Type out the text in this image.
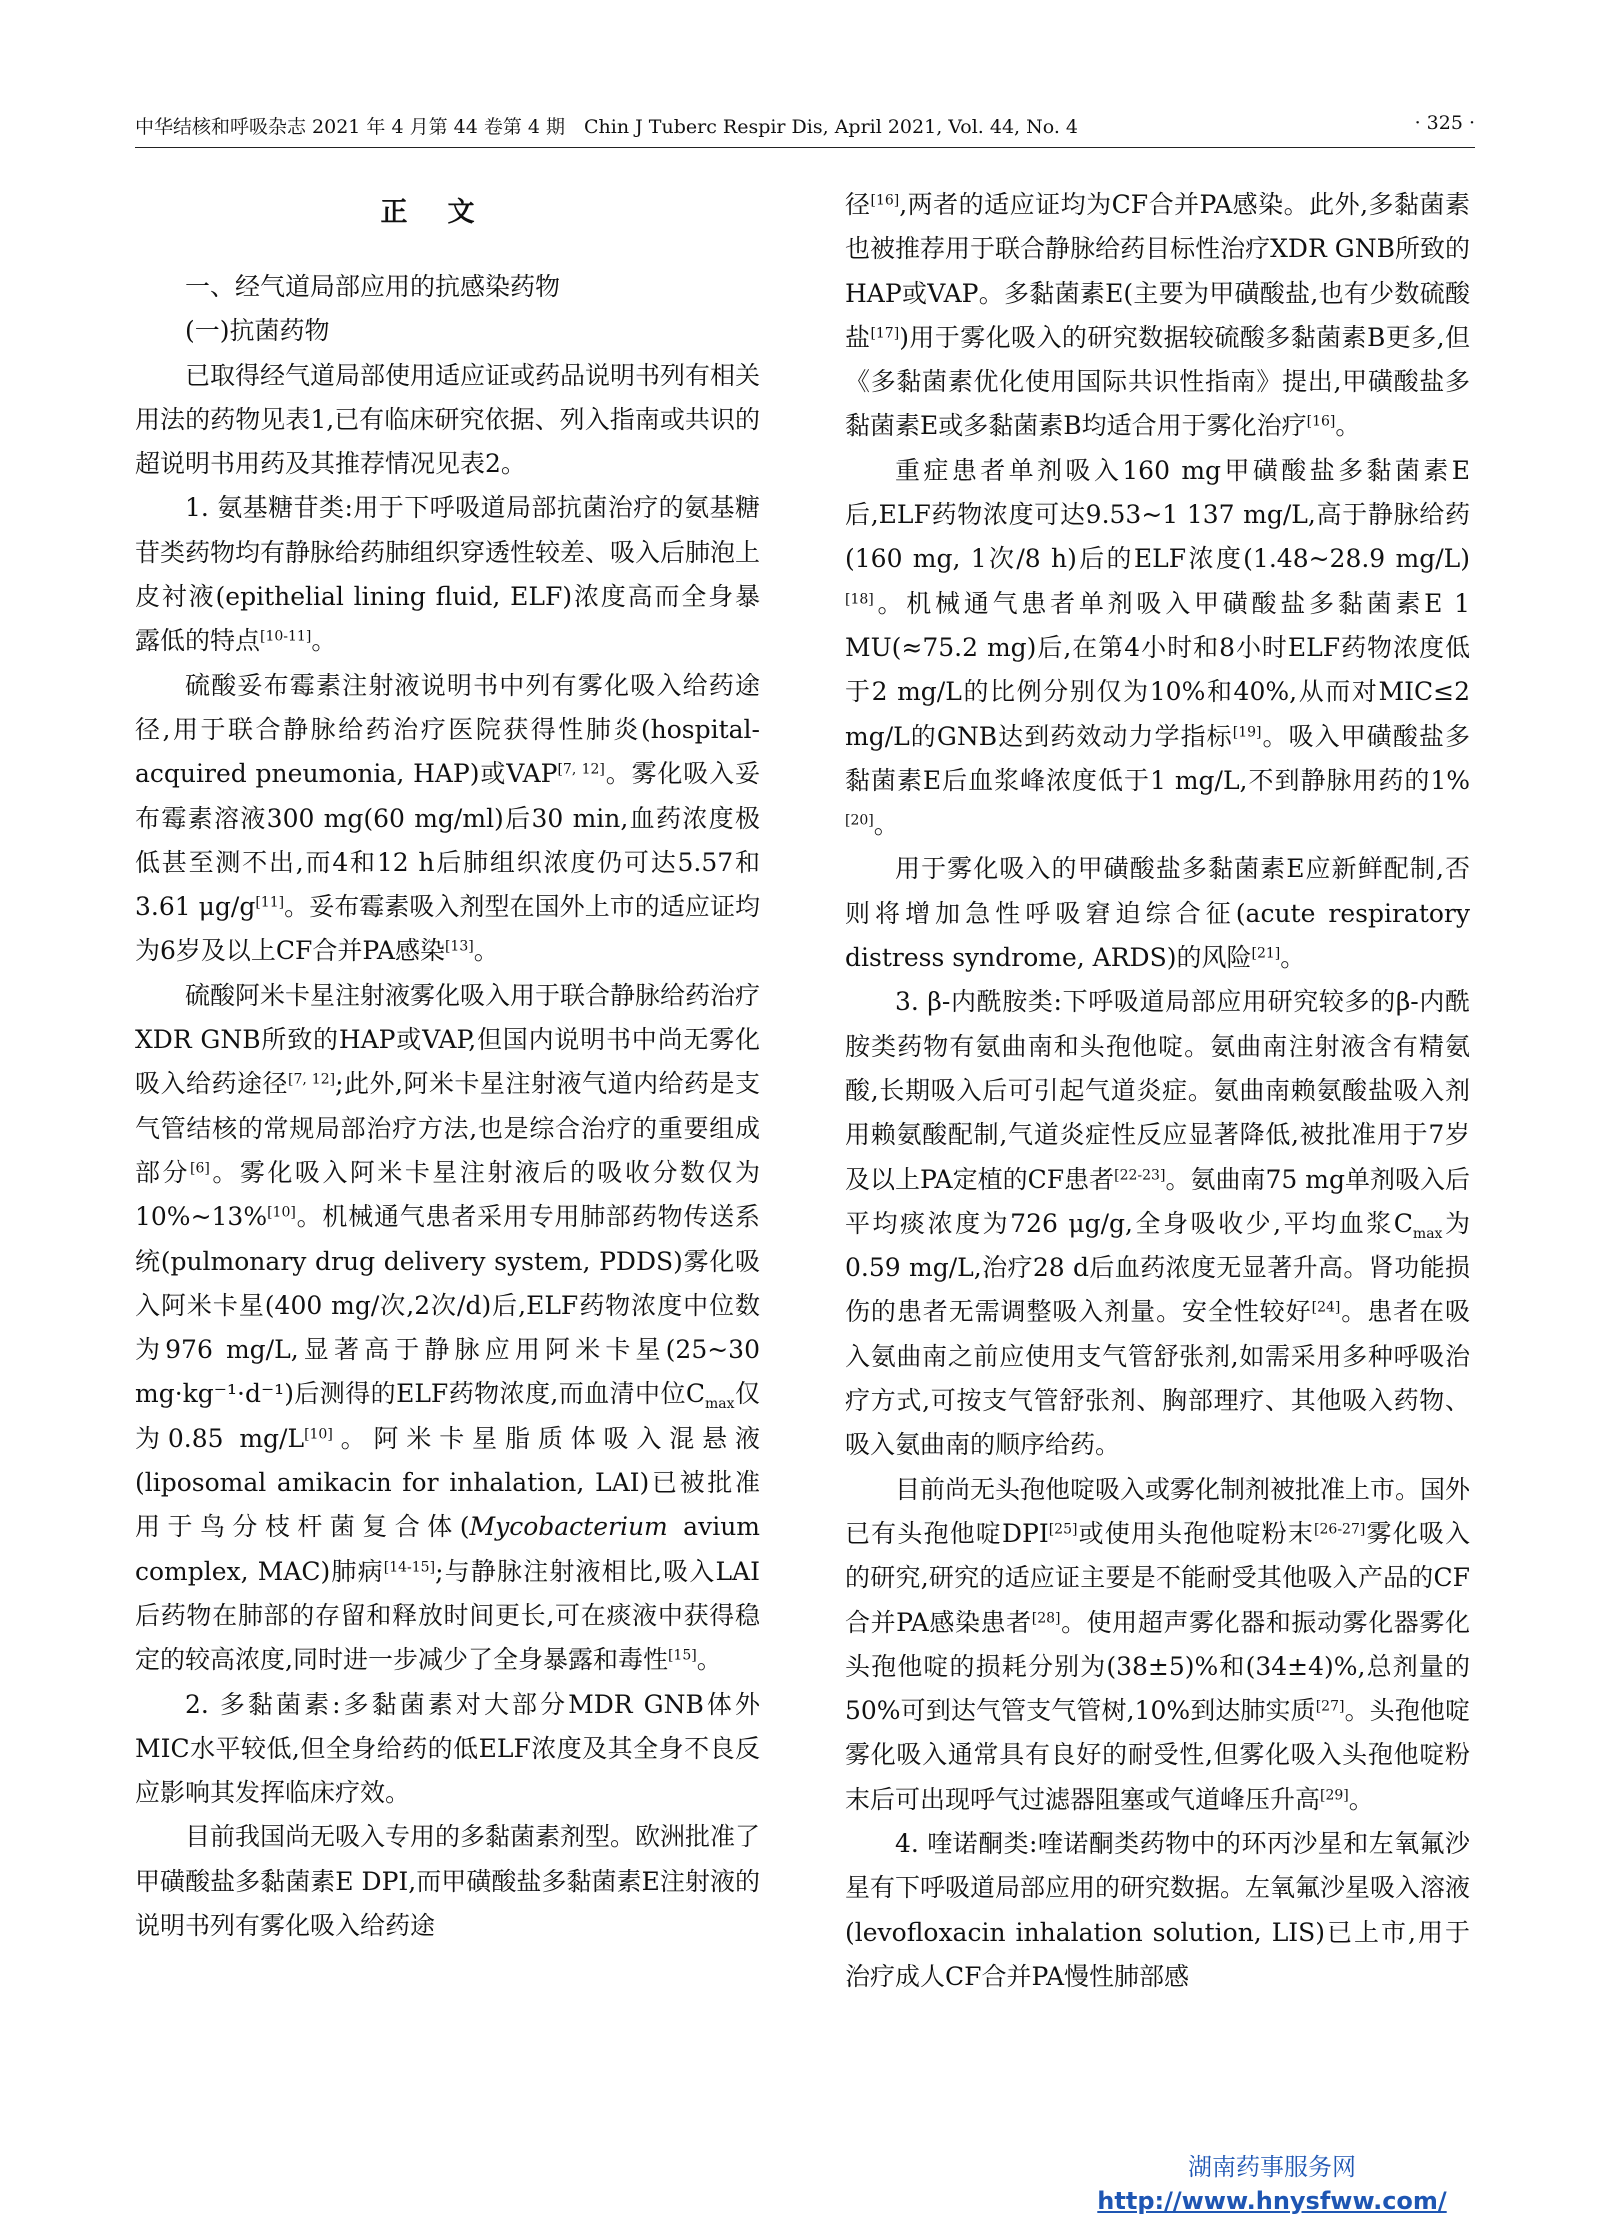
中华结核和呼吸杂志 2021 年 4 月第 44 卷第 4 期　Chin J Tuberc Respir Dis, April 2021, Vol. 44, No. 4	· 325 ·
正文
一、经气道局部应用的抗感染药物
(一)抗菌药物

已取得经气道局部使用适应证或药品说明书列有相关用法的药物见表1,已有临床研究依据、列入指南或共识的超说明书用药及其推荐情况见表2。

1. 氨基糖苷类:用于下呼吸道局部抗菌治疗的氨基糖苷类药物均有静脉给药肺组织穿透性较差、吸入后肺泡上皮衬液(epithelial lining fluid, ELF)浓度高而全身暴露低的特点[10-11]。

硫酸妥布霉素注射液说明书中列有雾化吸入给药途径,用于联合静脉给药治疗医院获得性肺炎(hospital-acquired pneumonia, HAP)或VAP[7, 12]。雾化吸入妥布霉素溶液300 mg(60 mg/ml)后30 min,血药浓度极低甚至测不出,而4和12 h后肺组织浓度仍可达5.57和3.61 μg/g[11]。妥布霉素吸入剂型在国外上市的适应证均为6岁及以上CF合并PA感染[13]。

硫酸阿米卡星注射液雾化吸入用于联合静脉给药治疗XDR GNB所致的HAP或VAP,但国内说明书中尚无雾化吸入给药途径[7, 12];此外,阿米卡星注射液气道内给药是支气管结核的常规局部治疗方法,也是综合治疗的重要组成部分[6]。雾化吸入阿米卡星注射液后的吸收分数仅为10%~13%[10]。机械通气患者采用专用肺部药物传送系统(pulmonary drug delivery system, PDDS)雾化吸入阿米卡星(400 mg/次,2次/d)后,ELF药物浓度中位数为976 mg/L,显著高于静脉应用阿米卡星(25~30 mg·kg⁻¹·d⁻¹)后测得的ELF药物浓度,而血清中位$C_{max}$仅为0.85 mg/L[10]。阿米卡星脂质体吸入混悬液(liposomal amikacin for inhalation, LAI)已被批准用于鸟分枝杆菌复合体(Mycobacterium avium complex, MAC)肺病[14-15];与静脉注射液相比,吸入LAI后药物在肺部的存留和释放时间更长,可在痰液中获得稳定的较高浓度,同时进一步减少了全身暴露和毒性[15]。

2. 多黏菌素:多黏菌素对大部分MDR GNB体外MIC水平较低,但全身给药的低ELF浓度及其全身不良反应影响其发挥临床疗效。

目前我国尚无吸入专用的多黏菌素剂型。欧洲批准了甲磺酸盐多黏菌素E DPI,而甲磺酸盐多黏菌素E注射液的说明书列有雾化吸入给药途

径[16],两者的适应证均为CF合并PA感染。此外,多黏菌素也被推荐用于联合静脉给药目标性治疗XDR GNB所致的HAP或VAP。多黏菌素E(主要为甲磺酸盐,也有少数硫酸盐[17])用于雾化吸入的研究数据较硫酸多黏菌素B更多,但《多黏菌素优化使用国际共识性指南》提出,甲磺酸盐多黏菌素E或多黏菌素B均适合用于雾化治疗[16]。

重症患者单剂吸入160 mg甲磺酸盐多黏菌素E后,ELF药物浓度可达9.53~1 137 mg/L,高于静脉给药(160 mg, 1次/8 h)后的ELF浓度(1.48~28.9 mg/L)[18]。机械通气患者单剂吸入甲磺酸盐多黏菌素E 1 MU(≈75.2 mg)后,在第4小时和8小时ELF药物浓度低于2 mg/L的比例分别仅为10%和40%,从而对MIC≤2 mg/L的GNB达到药效动力学指标[19]。吸入甲磺酸盐多黏菌素E后血浆峰浓度低于1 mg/L,不到静脉用药的1%[20]。

用于雾化吸入的甲磺酸盐多黏菌素E应新鲜配制,否则将增加急性呼吸窘迫综合征(acute respiratory distress syndrome, ARDS)的风险[21]。

3. β-内酰胺类:下呼吸道局部应用研究较多的β-内酰胺类药物有氨曲南和头孢他啶。氨曲南注射液含有精氨酸,长期吸入后可引起气道炎症。氨曲南赖氨酸盐吸入剂用赖氨酸配制,气道炎症性反应显著降低,被批准用于7岁及以上PA定植的CF患者[22-23]。氨曲南75 mg单剂吸入后平均痰浓度为726 μg/g,全身吸收少,平均血浆$C_{max}$为0.59 mg/L,治疗28 d后血药浓度无显著升高。肾功能损伤的患者无需调整吸入剂量。安全性较好[24]。患者在吸入氨曲南之前应使用支气管舒张剂,如需采用多种呼吸治疗方式,可按支气管舒张剂、胸部理疗、其他吸入药物、吸入氨曲南的顺序给药。

目前尚无头孢他啶吸入或雾化制剂被批准上市。国外已有头孢他啶DPI[25]或使用头孢他啶粉末[26-27]雾化吸入的研究,研究的适应证主要是不能耐受其他吸入产品的CF合并PA感染患者[28]。使用超声雾化器和振动雾化器雾化头孢他啶的损耗分别为(38±5)%和(34±4)%,总剂量的50%可到达气管支气管树,10%到达肺实质[27]。头孢他啶雾化吸入通常具有良好的耐受性,但雾化吸入头孢他啶粉末后可出现呼气过滤器阻塞或气道峰压升高[29]。

4. 喹诺酮类:喹诺酮类药物中的环丙沙星和左氧氟沙星有下呼吸道局部应用的研究数据。左氧氟沙星吸入溶液(levofloxacin inhalation solution, LIS)已上市,用于治疗成人CF合并PA慢性肺部感

湖南药事服务网
http://www.hnysfww.com/
